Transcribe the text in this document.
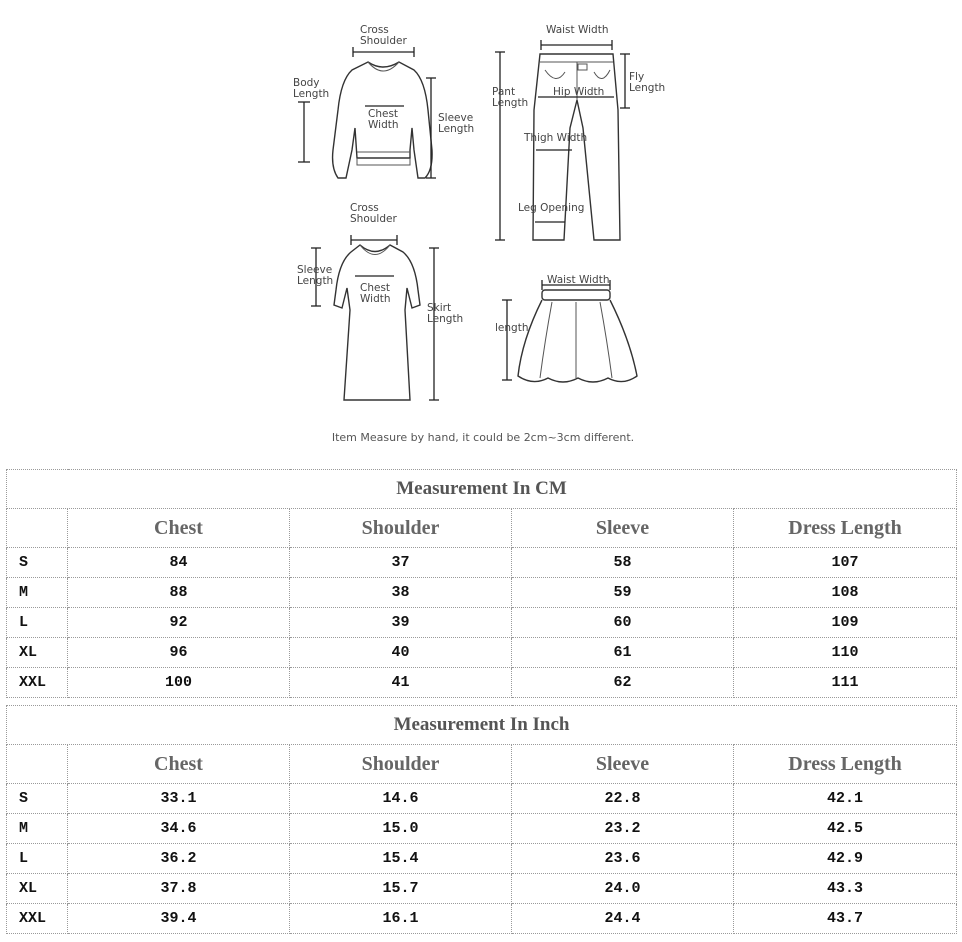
Cross
Shoulder
Body
Length
Chest
Width
Sleeve
Length
Waist Width
Pant
Length
Fly
Length
Hip Width
Thigh Width
Leg Opening
Cross
Shoulder
Sleeve
Length
Chest
Width
Skirt
Length
Waist Width
length
Item Measure by hand, it could be 2cm~3cm different.
Measurement In CM				
	Chest	Shoulder	Sleeve	Dress Length
S	84	37	58	107
M	88	38	59	108
L	92	39	60	109
XL	96	40	61	110
XXL	100	41	62	111
Measurement In Inch				
	Chest	Shoulder	Sleeve	Dress Length
S	33.1	14.6	22.8	42.1
M	34.6	15.0	23.2	42.5
L	36.2	15.4	23.6	42.9
XL	37.8	15.7	24.0	43.3
XXL	39.4	16.1	24.4	43.7
